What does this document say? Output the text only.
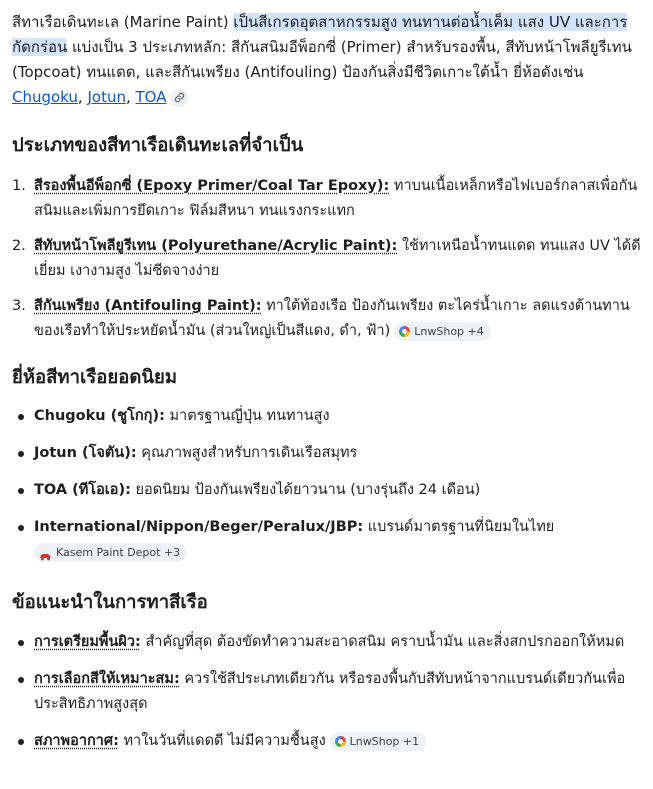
สีทาเรือเดินทะเล (Marine Paint) เป็นสีเกรดอุตสาหกรรมสูง ทนทานต่อน้ำเค็ม แสง UV และการกัดกร่อน แบ่งเป็น 3 ประเภทหลัก: สีกันสนิมอีพ็อกซี่ (Primer) สำหรับรองพื้น, สีทับหน้าโพลียูรีเทน (Topcoat) ทนแดด, และสีกันเพรียง (Antifouling) ป้องกันสิ่งมีชีวิตเกาะใต้น้ำ ยี่ห้อดังเช่น Chugoku, Jotun, TOA

ประเภทของสีทาเรือเดินทะเลที่จำเป็น
1. สีรองพื้นอีพ็อกซี่ (Epoxy Primer/Coal Tar Epoxy): ทาบนเนื้อเหล็กหรือไฟเบอร์กลาสเพื่อกันสนิมและเพิ่มการยึดเกาะ ฟิล์มสีหนา ทนแรงกระแทก
2. สีทับหน้าโพลียูรีเทน (Polyurethane/Acrylic Paint): ใช้ทาเหนือน้ำทนแดด ทนแสง UV ได้ดีเยี่ยม เงางามสูง ไม่ซีดจางง่าย
3. สีกันเพรียง (Antifouling Paint): ทาใต้ท้องเรือ ป้องกันเพรียง ตะไคร่น้ำเกาะ ลดแรงต้านทานของเรือทำให้ประหยัดน้ำมัน (ส่วนใหญ่เป็นสีแดง, ดำ, ฟ้า) LnwShop +4
ยี่ห้อสีทาเรือยอดนิยม
Chugoku (ชูโกกุ): มาตรฐานญี่ปุ่น ทนทานสูง
Jotun (โจตัน): คุณภาพสูงสำหรับการเดินเรือสมุทร
TOA (ทีโอเอ): ยอดนิยม ป้องกันเพรียงได้ยาวนาน (บางรุ่นถึง 24 เดือน)
International/Nippon/Beger/Peralux/JBP: แบรนด์มาตรฐานที่นิยมในไทย

Kasem Paint Depot +3
ข้อแนะนำในการทาสีเรือ
การเตรียมพื้นผิว: สำคัญที่สุด ต้องขัดทำความสะอาดสนิม คราบน้ำมัน และสิ่งสกปรกออกให้หมด
การเลือกสีให้เหมาะสม: ควรใช้สีประเภทเดียวกัน หรือรองพื้นกับสีทับหน้าจากแบรนด์เดียวกันเพื่อประสิทธิภาพสูงสุด
สภาพอากาศ: ทาในวันที่แดดดี ไม่มีความชื้นสูง LnwShop +1
